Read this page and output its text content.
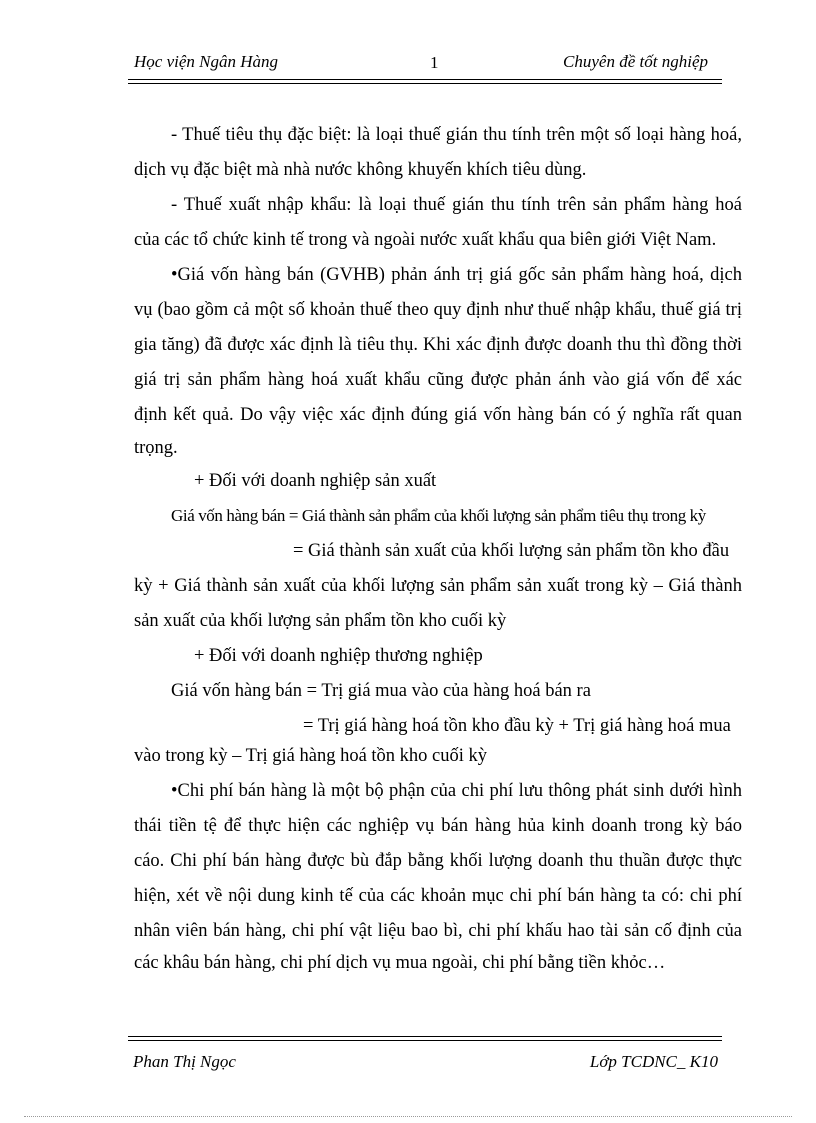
Học viện Ngân Hàng	1	Chuyên đề tốt nghiệp
- Thuế tiêu thụ đặc biệt: là loại thuế gián thu tính trên một số loại hàng hoá,
dịch vụ đặc biệt mà nhà nước không khuyến khích tiêu dùng.
- Thuế xuất nhập khẩu: là loại thuế gián thu tính trên sản phẩm hàng hoá
của các tổ chức kinh tế trong và ngoài nước xuất khẩu qua biên giới Việt Nam.
•Giá vốn hàng bán (GVHB) phản ánh trị giá gốc sản phẩm hàng hoá, dịch
vụ (bao gồm cả một số khoản thuế theo quy định như thuế nhập khẩu, thuế giá trị
gia tăng) đã được xác định là tiêu thụ. Khi xác định được doanh thu thì đồng thời
giá trị sản phẩm hàng hoá xuất khẩu cũng được phản ánh vào giá vốn để xác
định kết quả. Do vậy việc xác định đúng giá vốn hàng bán có ý nghĩa rất quan
trọng.
+ Đối với doanh nghiệp sản xuất
Giá vốn hàng bán = Giá thành sản phẩm của khối lượng sản phẩm tiêu thụ trong kỳ
= Giá thành sản xuất của khối lượng sản phẩm tồn kho đầu
kỳ + Giá thành sản xuất của khối lượng sản phẩm sản xuất trong kỳ – Giá thành
sản xuất của khối lượng sản phẩm tồn kho cuối kỳ
+ Đối với doanh nghiệp thương nghiệp
Giá vốn hàng bán = Trị giá mua vào của hàng hoá bán ra
= Trị giá hàng hoá tồn kho đầu kỳ + Trị giá hàng hoá mua
vào trong kỳ – Trị giá hàng hoá tồn kho cuối kỳ
•Chi phí bán hàng là một bộ phận của chi phí lưu thông phát sinh dưới hình
thái tiền tệ để thực hiện các nghiệp vụ bán hàng hủa kinh doanh trong kỳ báo
cáo. Chi phí bán hàng được bù đắp bằng khối lượng doanh thu thuần được thực
hiện, xét về nội dung kinh tế của các khoản mục chi phí bán hàng ta có: chi phí
nhân viên bán hàng, chi phí vật liệu bao bì, chi phí khấu hao tài sản cố định của
các khâu bán hàng, chi phí dịch vụ mua ngoài, chi phí bằng tiền khỏc…
Phan Thị Ngọc	Lớp TCDNC_ K10
